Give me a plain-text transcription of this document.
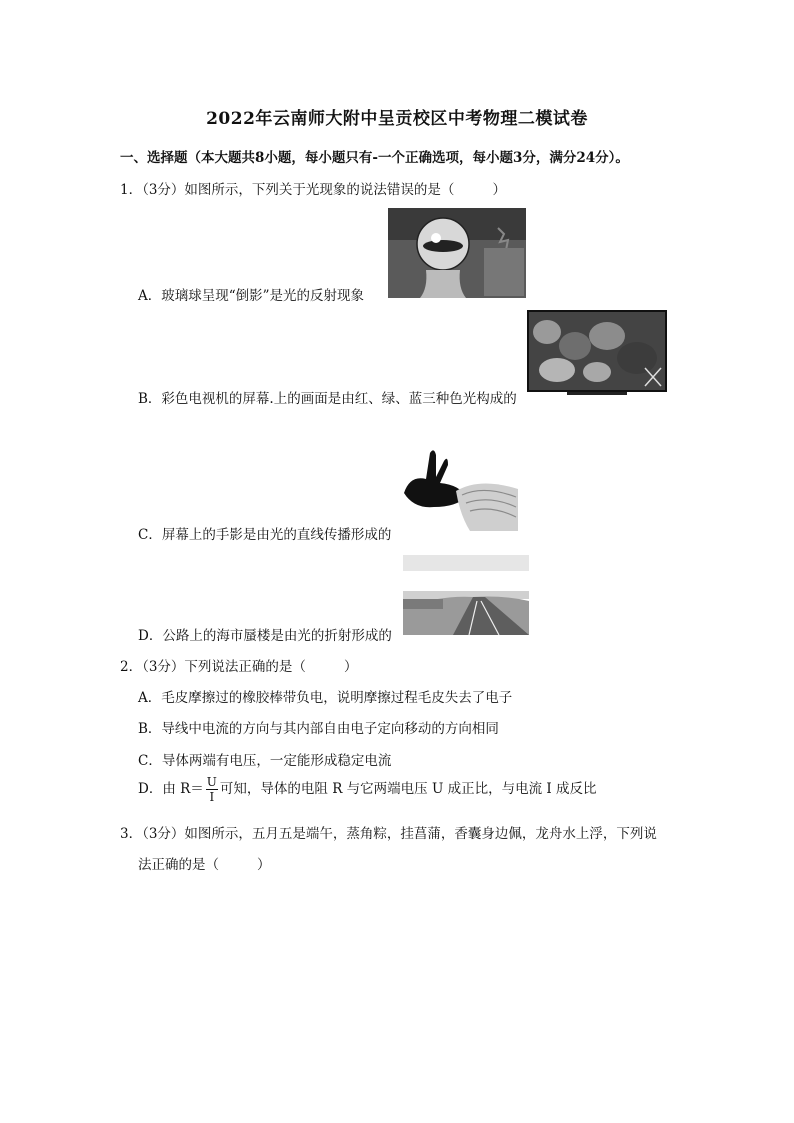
2022年云南师大附中呈贡校区中考物理二模试卷
一、选择题（本大题共8小题，每小题只有-一个正确选项，每小题3分，满分24分）。
1．（3分）如图所示，下列关于光现象的说法错误的是（	）
A．玻璃球呈现“倒影”是光的反射现象
B．彩色电视机的屏幕.上的画面是由红、绿、蓝三种色光构成的
C．屏幕上的手影是由光的直线传播形成的
D．公路上的海市蜃楼是由光的折射形成的
2．（3分）下列说法正确的是（	）
A．毛皮摩擦过的橡胶棒带负电，说明摩擦过程毛皮失去了电子
B．导线中电流的方向与其内部自由电子定向移动的方向相同
C．导体两端有电压，一定能形成稳定电流
D．由 $R= \frac{U}{I}$ 可知，导体的电阻 R 与它两端电压 U 成正比，与电流 I 成反比
3．（3分）如图所示，五月五是端午，蒸角粽，挂菖蒲，香囊身边佩，龙舟水上浮，下列说
法正确的是（	）
